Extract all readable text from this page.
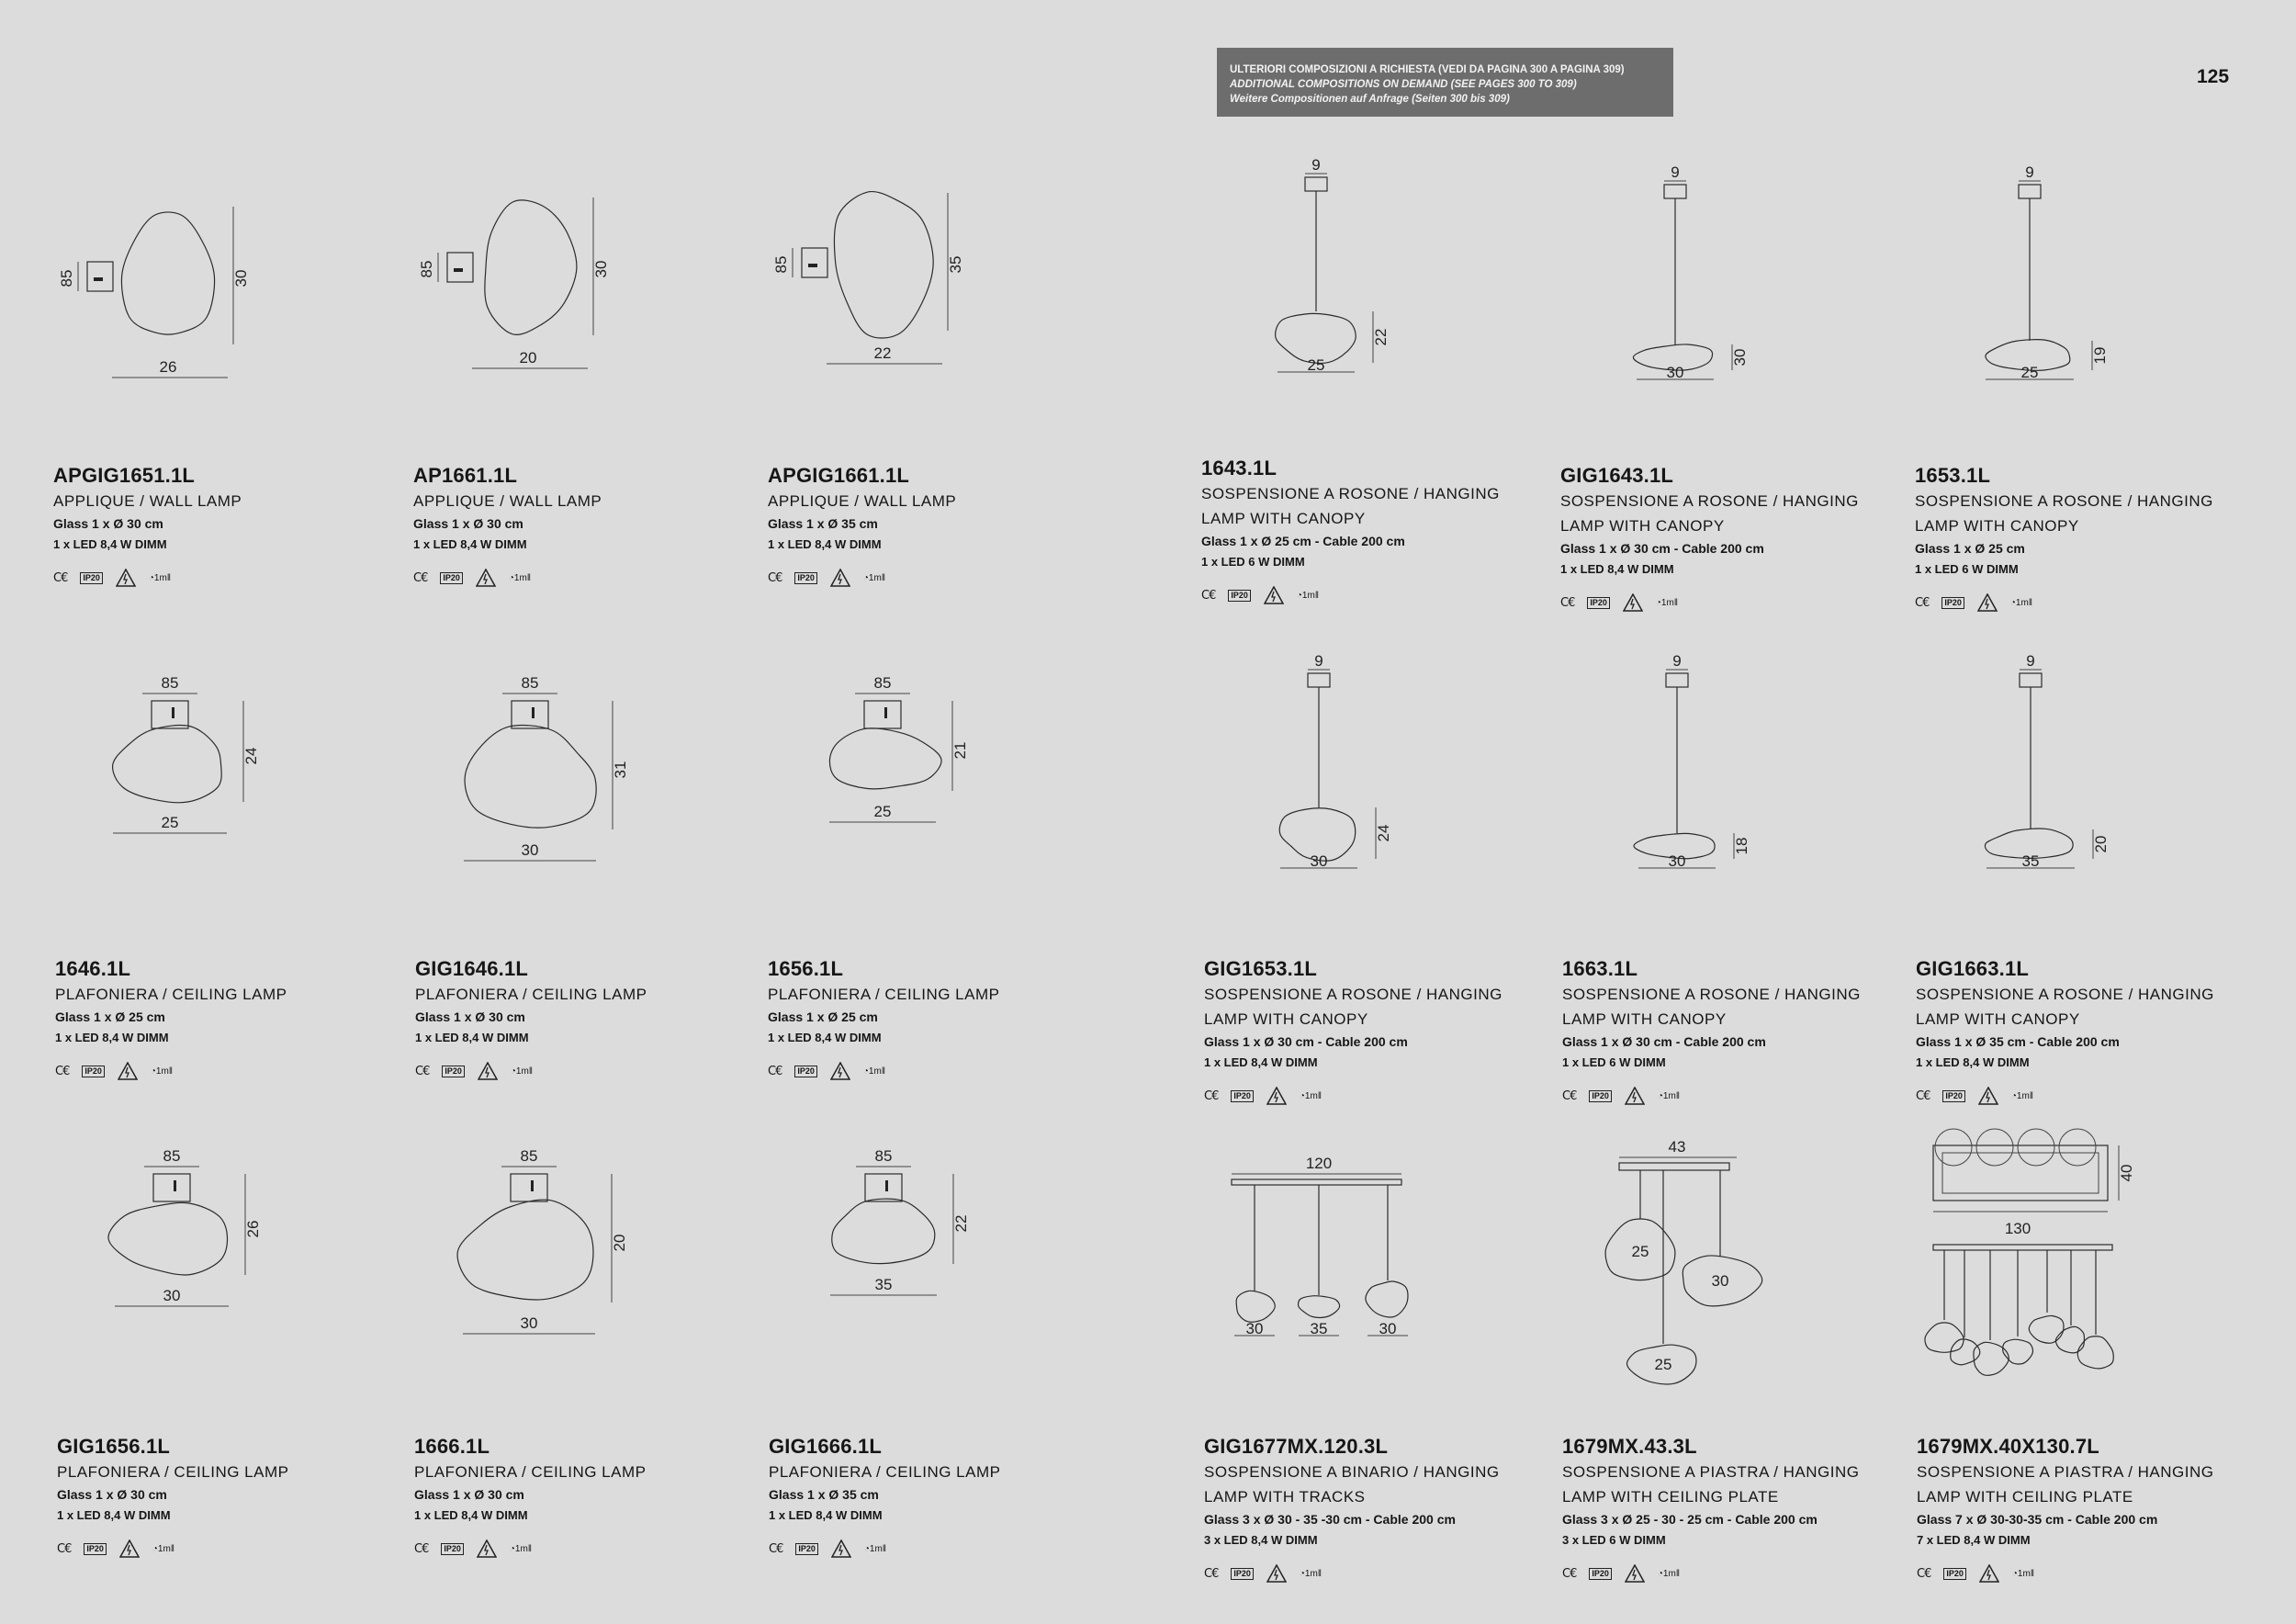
ULTERIORI COMPOSIZIONI A RICHIESTA (VEDI DA PAGINA 300 A PAGINA 309)
ADDITIONAL COMPOSITIONS ON DEMAND (SEE PAGES 300 TO 309)
Weitere Compositionen auf Anfrage (Seiten 300 bis 309)
125
85	30
26
APGIG1651.1L
APPLIQUE / WALL LAMP
Glass 1 x Ø 30 cm
1 x LED 8,4 W DIMM
C€	IP20	◔1m‖
85	30
20
AP1661.1L
APPLIQUE / WALL LAMP
Glass 1 x Ø 30 cm
1 x LED 8,4 W DIMM
C€	IP20	◔1m‖
85	35
22
APGIG1661.1L
APPLIQUE / WALL LAMP
Glass 1 x Ø 35 cm
1 x LED 8,4 W DIMM
C€	IP20	◔1m‖
9
22
25
1643.1L
SOSPENSIONE A ROSONE / HANGING
LAMP WITH CANOPY
Glass 1 x Ø 25 cm - Cable 200 cm
1 x LED 6 W DIMM
C€	IP20	◔1m‖
9
30
30
GIG1643.1L
SOSPENSIONE A ROSONE / HANGING
LAMP WITH CANOPY
Glass 1 x Ø 30 cm - Cable 200 cm
1 x LED 8,4 W DIMM
C€	IP20	◔1m‖
9
19
25
1653.1L
SOSPENSIONE A ROSONE / HANGING
LAMP WITH CANOPY
Glass 1 x Ø 25 cm
1 x LED 6 W DIMM
C€	IP20	◔1m‖
85
24
25
1646.1L
PLAFONIERA / CEILING LAMP
Glass 1 x Ø 25 cm
1 x LED 8,4 W DIMM
C€	IP20	◔1m‖
85
31
30
GIG1646.1L
PLAFONIERA / CEILING LAMP
Glass 1 x Ø 30 cm
1 x LED 8,4 W DIMM
C€	IP20	◔1m‖
85
21
25
1656.1L
PLAFONIERA / CEILING LAMP
Glass 1 x Ø 25 cm
1 x LED 8,4 W DIMM
C€	IP20	◔1m‖
9
24
30
GIG1653.1L
SOSPENSIONE A ROSONE / HANGING
LAMP WITH CANOPY
Glass 1 x Ø 30 cm - Cable 200 cm
1 x LED 8,4 W DIMM
C€	IP20	◔1m‖
9
18
30
1663.1L
SOSPENSIONE A ROSONE / HANGING
LAMP WITH CANOPY
Glass 1 x Ø 30 cm - Cable 200 cm
1 x LED 6 W DIMM
C€	IP20	◔1m‖
9
20
35
GIG1663.1L
SOSPENSIONE A ROSONE / HANGING
LAMP WITH CANOPY
Glass 1 x Ø 35 cm - Cable 200 cm
1 x LED 8,4 W DIMM
C€	IP20	◔1m‖
85
26
30
GIG1656.1L
PLAFONIERA / CEILING LAMP
Glass 1 x Ø 30 cm
1 x LED 8,4 W DIMM
C€	IP20	◔1m‖
85
20
30
1666.1L
PLAFONIERA / CEILING LAMP
Glass 1 x Ø 30 cm
1 x LED 8,4 W DIMM
C€	IP20	◔1m‖
85
22
35
GIG1666.1L
PLAFONIERA / CEILING LAMP
Glass 1 x Ø 35 cm
1 x LED 8,4 W DIMM
C€	IP20	◔1m‖
120
30	35	30
GIG1677MX.120.3L
SOSPENSIONE A BINARIO / HANGING
LAMP WITH TRACKS
Glass 3 x Ø 30 - 35 -30 cm - Cable 200 cm
3 x LED 8,4 W DIMM
C€	IP20	◔1m‖
43
25
30
25
1679MX.43.3L
SOSPENSIONE A PIASTRA / HANGING
LAMP WITH CEILING PLATE
Glass 3 x Ø 25 - 30 - 25 cm - Cable 200 cm
3 x LED 6 W DIMM
C€	IP20	◔1m‖
40
130
1679MX.40X130.7L
SOSPENSIONE A PIASTRA / HANGING
LAMP WITH CEILING PLATE
Glass 7 x Ø 30-30-35 cm - Cable 200 cm
7 x LED 8,4 W DIMM
C€	IP20	◔1m‖
